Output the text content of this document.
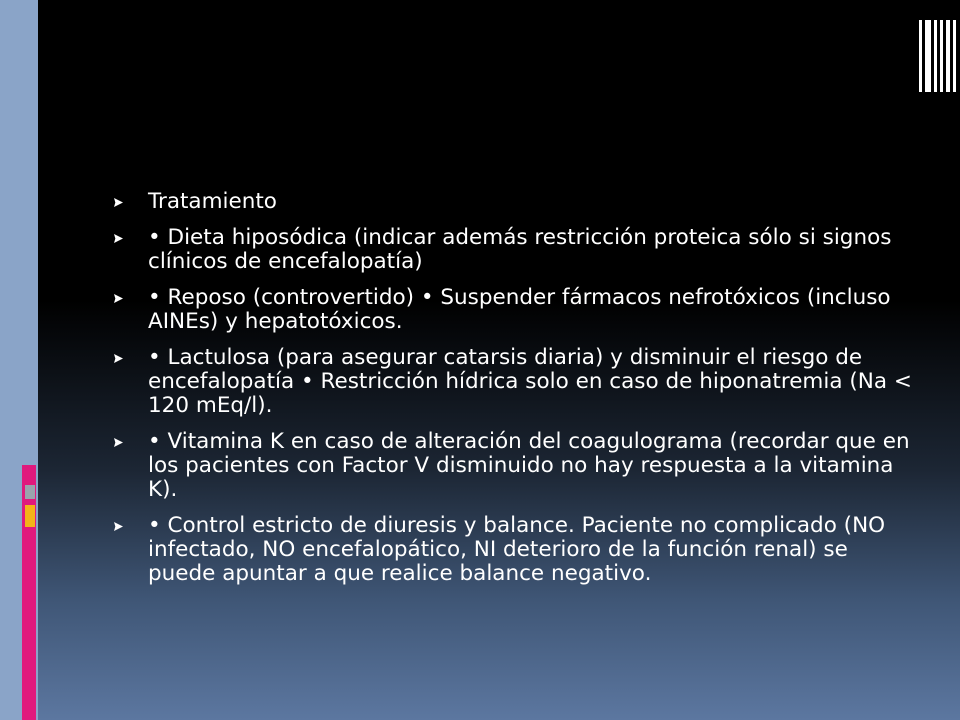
Tratamiento
• Dieta hiposódica (indicar además restricción proteica sólo si signos clínicos de encefalopatía)
• Reposo (controvertido) • Suspender fármacos nefrotóxicos (incluso AINEs) y hepatotóxicos.
• Lactulosa (para asegurar catarsis diaria) y disminuir el riesgo de encefalopatía • Restricción hídrica solo en caso de hiponatremia (Na < 120 mEq/l).
• Vitamina K en caso de alteración del coagulograma (recordar que en los pacientes con Factor V disminuido no hay respuesta a la vitamina K).
• Control estricto de diuresis y balance. Paciente no complicado (NO infectado, NO encefalopático, NI deterioro de la función renal) se puede apuntar a que realice balance negativo.
